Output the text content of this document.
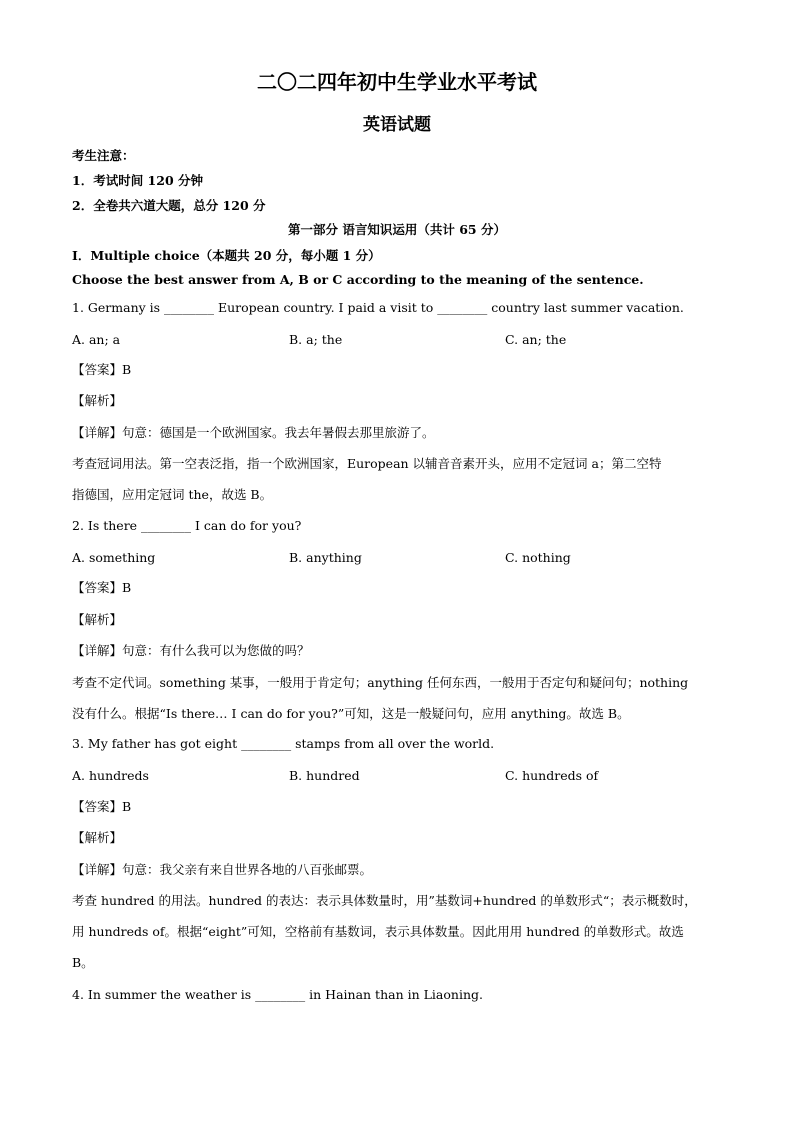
二〇二四年初中生学业水平考试
英语试题
考生注意：
1．考试时间 120 分钟
2．全卷共六道大题，总分 120 分
第一部分 语言知识运用（共计 65 分）
Ⅰ．Multiple choice（本题共 20 分，每小题 1 分）
Choose the best answer from A, B or C according to the meaning of the sentence.
1. Germany is ________ European country. I paid a visit to ________ country last summer vacation.
A. an; a	B. a; the	C. an; the
【答案】B
【解析】
【详解】句意：德国是一个欧洲国家。我去年暑假去那里旅游了。
考查冠词用法。第一空表泛指，指一个欧洲国家，European 以辅音音素开头，应用不定冠词 a；第二空特
指德国，应用定冠词 the，故选 B。
2. Is there ________ I can do for you?
A. something	B. anything	C. nothing
【答案】B
【解析】
【详解】句意：有什么我可以为您做的吗？
考查不定代词。something 某事，一般用于肯定句；anything 任何东西，一般用于否定句和疑问句；nothing
没有什么。根据“Is there… I can do for you?”可知，这是一般疑问句，应用 anything。故选 B。
3. My father has got eight ________ stamps from all over the world.
A. hundreds	B. hundred	C. hundreds of
【答案】B
【解析】
【详解】句意：我父亲有来自世界各地的八百张邮票。
考查 hundred 的用法。hundred 的表达：表示具体数量时，用”基数词+hundred 的单数形式“；表示概数时，
用 hundreds of。根据“eight”可知，空格前有基数词，表示具体数量。因此用用 hundred 的单数形式。故选
B。
4. In summer the weather is ________ in Hainan than in Liaoning.
